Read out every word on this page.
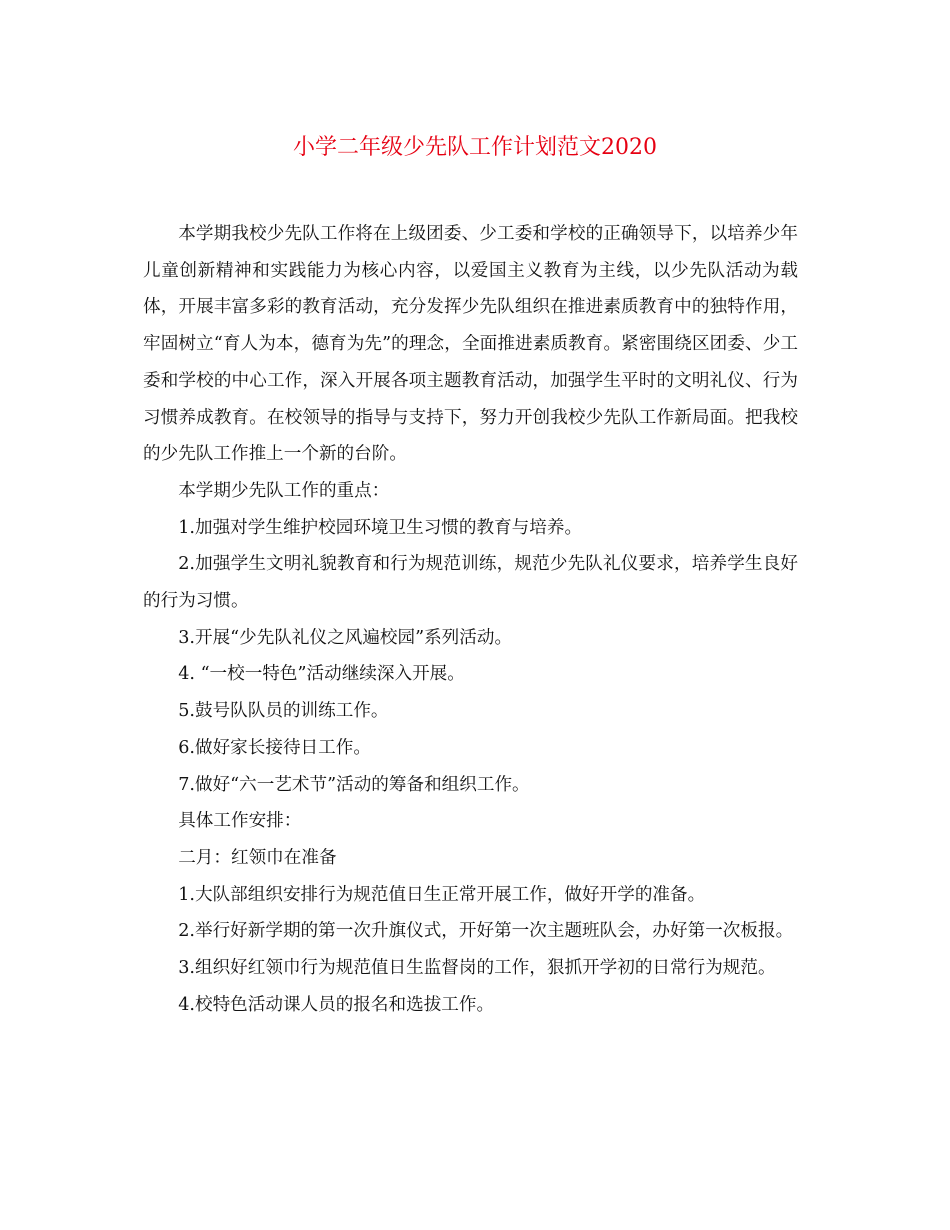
小学二年级少先队工作计划范文2020

本学期我校少先队工作将在上级团委、少工委和学校的正确领导下，以培养少年儿童创新精神和实践能力为核心内容，以爱国主义教育为主线，以少先队活动为载体，开展丰富多彩的教育活动，充分发挥少先队组织在推进素质教育中的独特作用，牢固树立“育人为本，德育为先”的理念，全面推进素质教育。紧密围绕区团委、少工委和学校的中心工作，深入开展各项主题教育活动，加强学生平时的文明礼仪、行为习惯养成教育。在校领导的指导与支持下，努力开创我校少先队工作新局面。把我校的少先队工作推上一个新的台阶。

本学期少先队工作的重点：

1.加强对学生维护校园环境卫生习惯的教育与培养。

2.加强学生文明礼貌教育和行为规范训练，规范少先队礼仪要求，培养学生良好的行为习惯。

3.开展“少先队礼仪之风遍校园”系列活动。

4. “一校一特色”活动继续深入开展。

5.鼓号队队员的训练工作。

6.做好家长接待日工作。

7.做好“六一艺术节”活动的筹备和组织工作。

具体工作安排：

二月：红领巾在准备

1.大队部组织安排行为规范值日生正常开展工作，做好开学的准备。

2.举行好新学期的第一次升旗仪式，开好第一次主题班队会，办好第一次板报。

3.组织好红领巾行为规范值日生监督岗的工作，狠抓开学初的日常行为规范。

4.校特色活动课人员的报名和选拔工作。
